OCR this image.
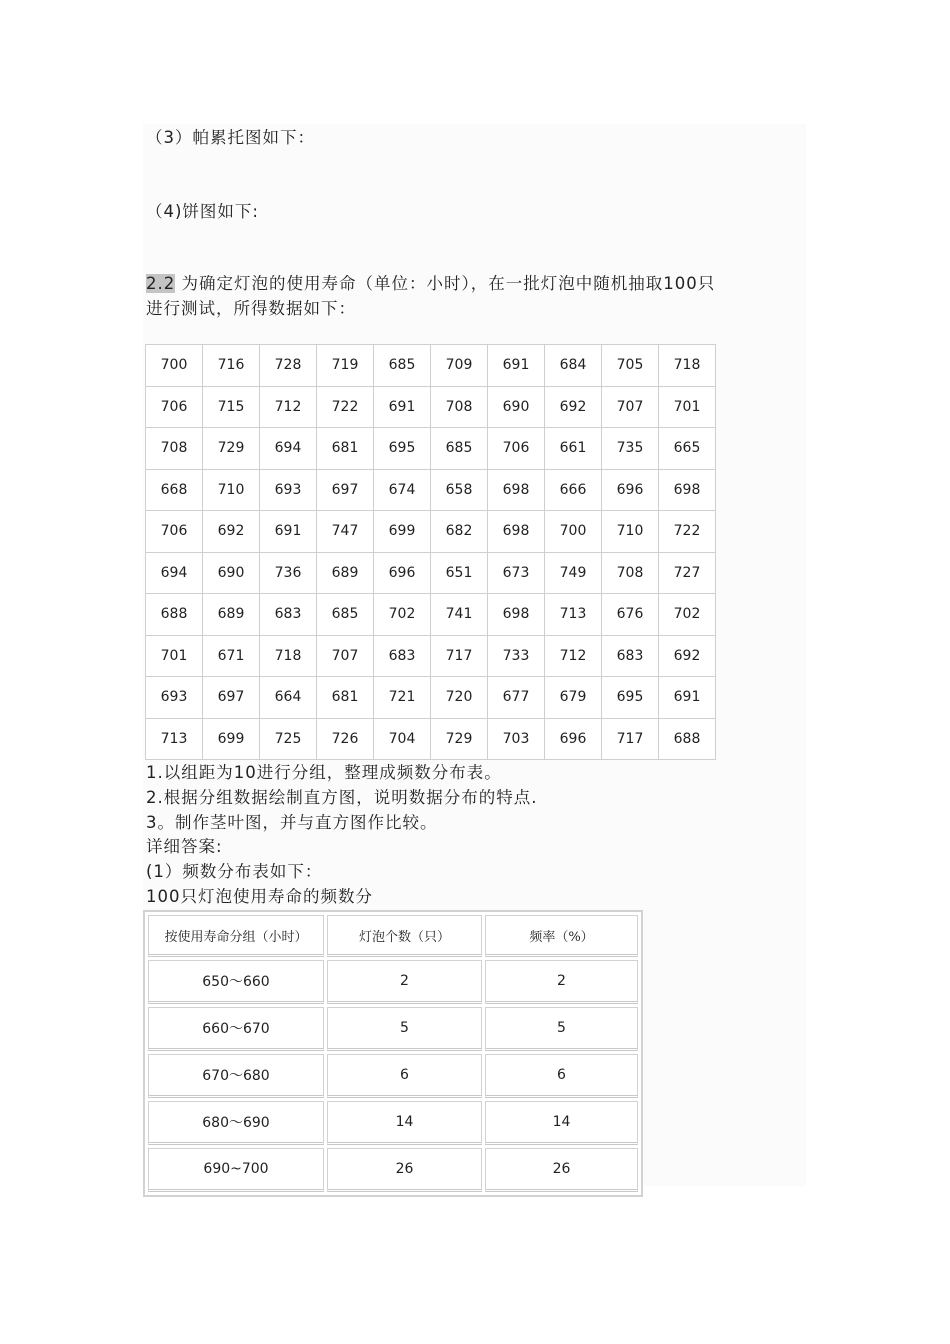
（3）帕累托图如下：
（4)饼图如下:
2.2 为确定灯泡的使用寿命（单位：小时），在一批灯泡中随机抽取100只
进行测试，所得数据如下：
700	716	728	719	685	709	691	684	705	718
706	715	712	722	691	708	690	692	707	701
708	729	694	681	695	685	706	661	735	665
668	710	693	697	674	658	698	666	696	698
706	692	691	747	699	682	698	700	710	722
694	690	736	689	696	651	673	749	708	727
688	689	683	685	702	741	698	713	676	702
701	671	718	707	683	717	733	712	683	692
693	697	664	681	721	720	677	679	695	691
713	699	725	726	704	729	703	696	717	688
1.以组距为10进行分组，整理成频数分布表。
2.根据分组数据绘制直方图，说明数据分布的特点.
3。制作茎叶图，并与直方图作比较。
详细答案:
(1）频数分布表如下：
100只灯泡使用寿命的频数分
按使用寿命分组（小时）	灯泡个数（只）	频率（%）
650～660	2	2
660～670	5	5
670～680	6	6
680～690	14	14
690~700	26	26
